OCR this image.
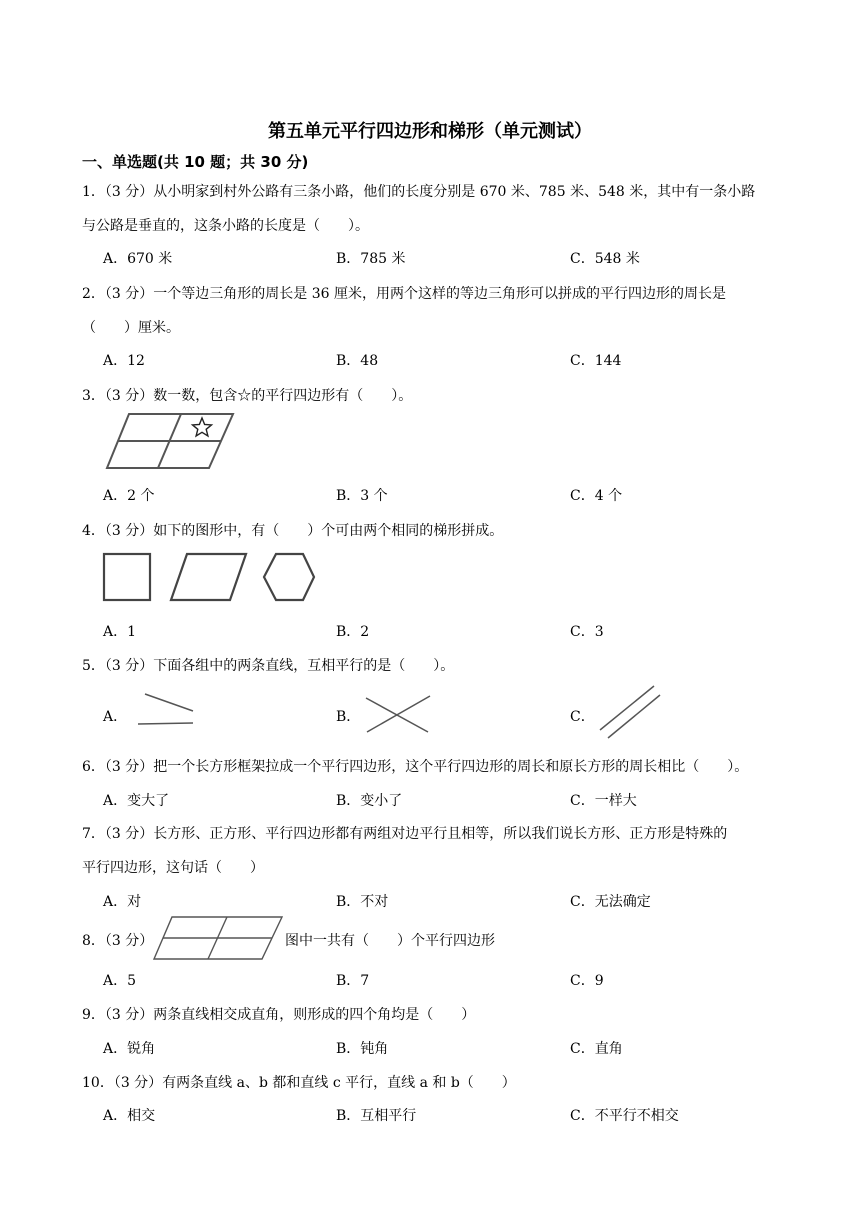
第五单元平行四边形和梯形（单元测试）
一、单选题(共 10 题；共 30 分)
1．（3 分）从小明家到村外公路有三条小路，他们的长度分别是 670 米、785 米、548 米，其中有一条小路
与公路是垂直的，这条小路的长度是（　　）。
A．670 米	B．785 米	C．548 米
2．（3 分）一个等边三角形的周长是 36 厘米，用两个这样的等边三角形可以拼成的平行四边形的周长是
（　　）厘米。
A．12	B．48	C．144
3．（3 分）数一数，包含☆的平行四边形有（　　）。
A．2 个	B．3 个	C．4 个
4．（3 分）如下的图形中，有（　　）个可由两个相同的梯形拼成。
A．1	B．2	C．3
5．（3 分）下面各组中的两条直线，互相平行的是（　　）。
A．	B．	C．
6．（3 分）把一个长方形框架拉成一个平行四边形，这个平行四边形的周长和原长方形的周长相比（　　）。
A．变大了	B．变小了	C．一样大
7．（3 分）长方形、正方形、平行四边形都有两组对边平行且相等，所以我们说长方形、正方形是特殊的
平行四边形，这句话（　　）
A．对	B．不对	C．无法确定
8．（3 分）	图中一共有（　　）个平行四边形
A．5	B．7	C．9
9．（3 分）两条直线相交成直角，则形成的四个角均是（　　）
A．锐角	B．钝角	C．直角
10．（3 分）有两条直线 a、b 都和直线 c 平行，直线 a 和 b（　　）
A．相交	B．互相平行	C．不平行不相交
